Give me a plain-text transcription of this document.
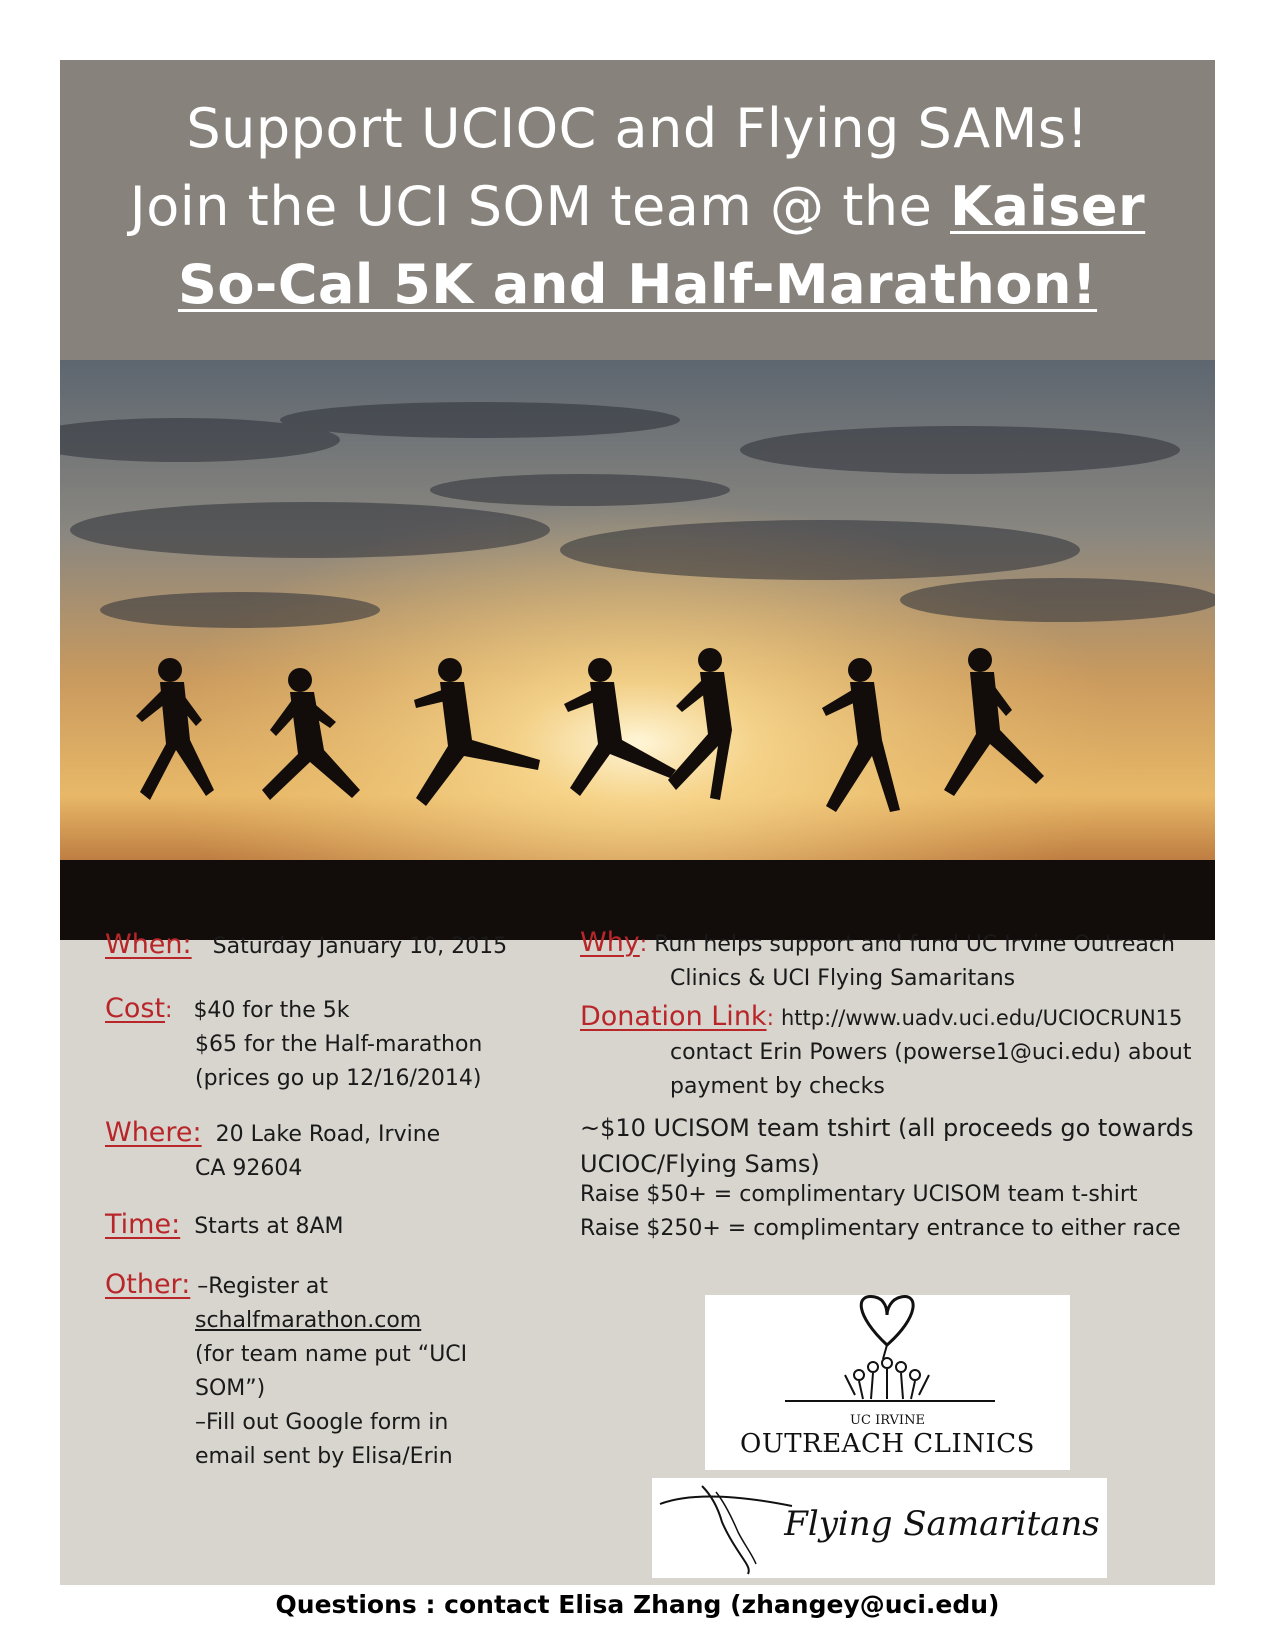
Support UCIOC and Flying SAMs!
Join the UCI SOM team @ the Kaiser
So-Cal 5K and Half-Marathon!
When: Saturday January 10, 2015
Cost: $40 for the 5k
$65 for the Half-marathon
(prices go up 12/16/2014)
Where: 20 Lake Road, Irvine
CA 92604
Time: Starts at 8AM
Other: –Register at
schalfmarathon.com
(for team name put “UCI
SOM”)
–Fill out Google form in
email sent by Elisa/Erin
Why: Run helps support and fund UC Irvine Outreach
Clinics & UCI Flying Samaritans
Donation Link: http://www.uadv.uci.edu/UCIOCRUN15
contact Erin Powers (powerse1@uci.edu) about
payment by checks
~$10 UCISOM team tshirt (all proceeds go towards
UCIOC/Flying Sams)
Raise $50+ = complimentary UCISOM team t-shirt
Raise $250+ = complimentary entrance to either race
UC IRVINE
OUTREACH CLINICS
Flying Samaritans
Questions : contact Elisa Zhang (zhangey@uci.edu)
